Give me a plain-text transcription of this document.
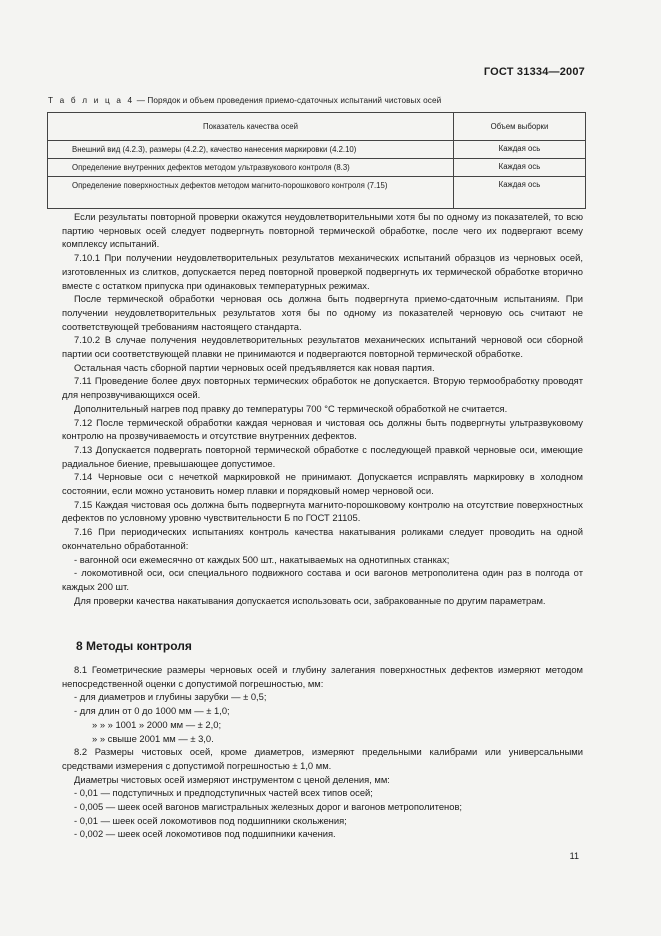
ГОСТ 31334—2007
Т а б л и ц а 4 — Порядок и объем проведения приемо-сдаточных испытаний чистовых осей
Показатель качества осей	Объем выборки
Внешний вид (4.2.3), размеры (4.2.2), качество нанесения маркировки (4.2.10)	Каждая ось
Определение внутренних дефектов методом ультразвукового контроля (8.3)	Каждая ось
Определение поверхностных дефектов методом магнито-порошкового контроля (7.15)	Каждая ось

Если результаты повторной проверки окажутся неудовлетворительными хотя бы по одному из показателей, то всю партию черновых осей следует подвергнуть повторной термической обработке, после чего их подвергают всему комплексу испытаний.

7.10.1 При получении неудовлетворительных результатов механических испытаний образцов из черновых осей, изготовленных из слитков, допускается перед повторной проверкой подвергнуть их термической обработке вторично вместе с остатком припуска при одинаковых температурных режимах.

После термической обработки черновая ось должна быть подвергнута приемо-сдаточным испытаниям. При получении неудовлетворительных результатов хотя бы по одному из показателей черновую ось считают не соответствующей требованиям настоящего стандарта.

7.10.2 В случае получения неудовлетворительных результатов механических испытаний черновой оси сборной партии оси соответствующей плавки не принимаются и подвергаются повторной термической обработке.

Остальная часть сборной партии черновых осей предъявляется как новая партия.

7.11 Проведение более двух повторных термических обработок не допускается. Вторую термообработку проводят для непрозвучивающихся осей.

Дополнительный нагрев под правку до температуры 700 °С термической обработкой не считается.

7.12 После термической обработки каждая черновая и чистовая ось должны быть подвергнуты ультразвуковому контролю на прозвучиваемость и отсутствие внутренних дефектов.

7.13 Допускается подвергать повторной термической обработке с последующей правкой черновые оси, имеющие радиальное биение, превышающее допустимое.

7.14 Черновые оси с нечеткой маркировкой не принимают. Допускается исправлять маркировку в холодном состоянии, если можно установить номер плавки и порядковый номер черновой оси.

7.15 Каждая чистовая ось должна быть подвергнута магнито-порошковому контролю на отсутствие поверхностных дефектов по условному уровню чувствительности Б по ГОСТ 21105.

7.16 При периодических испытаниях контроль качества накатывания роликами следует проводить на одной окончательно обработанной:

- вагонной оси ежемесячно от каждых 500 шт., накатываемых на однотипных станках;

- локомотивной оси, оси специального подвижного состава и оси вагонов метрополитена один раз в полгода от каждых 200 шт.

Для проверки качества накатывания допускается использовать оси, забракованные по другим параметрам.

8 Методы контроля

8.1 Геометрические размеры черновых осей и глубину залегания поверхностных дефектов измеряют методом непосредственной оценки с допустимой погрешностью, мм:

- для диаметров и глубины зарубки — ± 0,5;

- для длин от 0 до 1000 мм — ± 1,0;

» » » 1001 » 2000 мм — ± 2,0;

» » свыше 2001 мм — ± 3,0.

8.2 Размеры чистовых осей, кроме диаметров, измеряют предельными калибрами или универсальными средствами измерения с допустимой погрешностью ± 1,0 мм.

Диаметры чистовых осей измеряют инструментом с ценой деления, мм:

- 0,01 — подступичных и предподступичных частей всех типов осей;

- 0,005 — шеек осей вагонов магистральных железных дорог и вагонов метрополитенов;

- 0,01 — шеек осей локомотивов под подшипники скольжения;

- 0,002 — шеек осей локомотивов под подшипники качения.

11
